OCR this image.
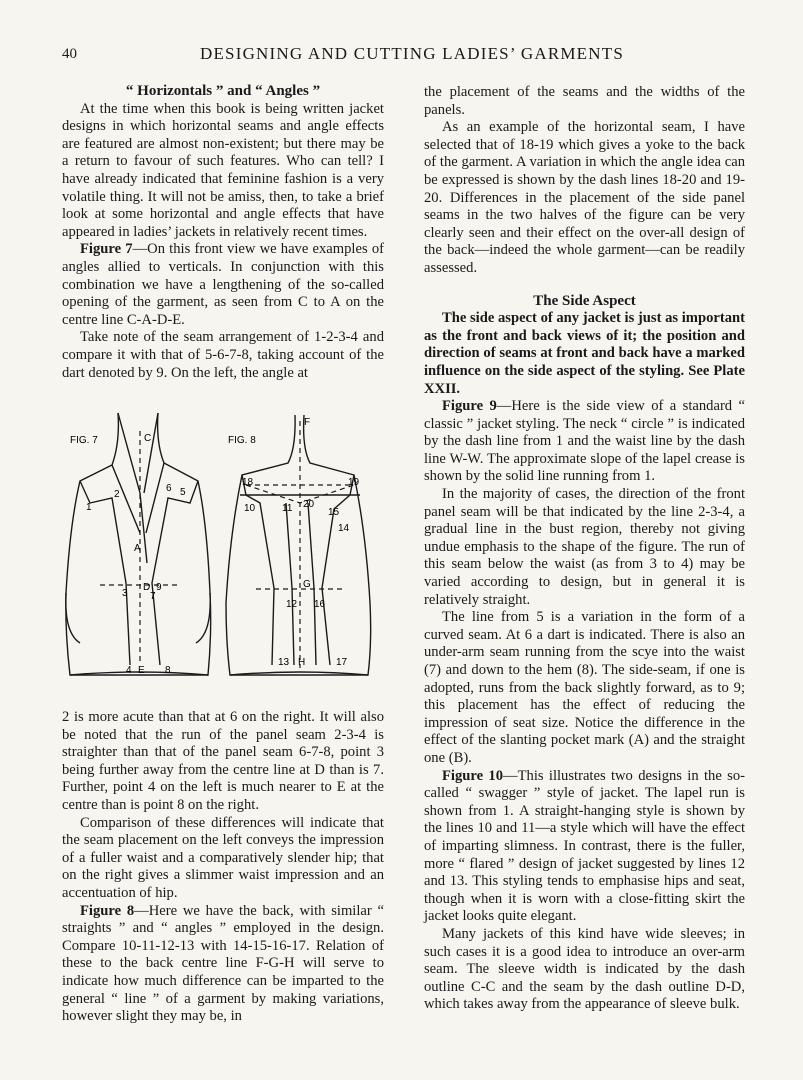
40	DESIGNING AND CUTTING LADIES’ GARMENTS
“ Horizontals ” and “ Angles ”

At the time when this book is being written jacket designs in which horizontal seams and angle effects are featured are almost non-existent; but there may be a return to favour of such features. Who can tell? I have already indicated that feminine fashion is a very volatile thing. It will not be amiss, then, to take a brief look at some horizontal and angle effects that have appeared in ladies’ jackets in relatively recent times.

Figure 7—On this front view we have examples of angles allied to verticals. In conjunction with this combination we have a lengthening of the so-called opening of the garment, as seen from C to A on the centre line C-A-D-E.

Take note of the seam arrangement of 1-2-3-4 and compare it with that of 5-6-7-8, taking account of the dart denoted by 9. On the left, the angle at

FIG. 7	C
A
D
E
1
2
3
4
5
6
7
8
9
FIG. 8
F
G
H
18	19
20
10	11
12
13
14
15
16
17

2 is more acute than that at 6 on the right. It will also be noted that the run of the panel seam 2-3-4 is straighter than that of the panel seam 6-7-8, point 3 being further away from the centre line at D than is 7. Further, point 4 on the left is much nearer to E at the centre than is point 8 on the right.

Comparison of these differences will indicate that the seam placement on the left conveys the impression of a fuller waist and a comparatively slender hip; that on the right gives a slimmer waist impression and an accentuation of hip.

Figure 8—Here we have the back, with similar “ straights ” and “ angles ” employed in the design. Compare 10-11-12-13 with 14-15-16-17. Relation of these to the back centre line F-G-H will serve to indicate how much difference can be imparted to the general “ line ” of a garment by making variations, however slight they may be, in

the placement of the seams and the widths of the panels.

As an example of the horizontal seam, I have selected that of 18-19 which gives a yoke to the back of the garment. A variation in which the angle idea can be expressed is shown by the dash lines 18-20 and 19-20. Differences in the placement of the side panel seams in the two halves of the figure can be very clearly seen and their effect on the over-all design of the back—indeed the whole garment—can be readily assessed.

The Side Aspect

The side aspect of any jacket is just as important as the front and back views of it; the position and direction of seams at front and back have a marked influence on the side aspect of the styling. See Plate XXII.

Figure 9—Here is the side view of a standard “ classic ” jacket styling. The neck “ circle ” is indicated by the dash line from 1 and the waist line by the dash line W-W. The approximate slope of the lapel crease is shown by the solid line running from 1.

In the majority of cases, the direction of the front panel seam will be that indicated by the line 2-3-4, a gradual line in the bust region, thereby not giving undue emphasis to the shape of the figure. The run of this seam below the waist (as from 3 to 4) may be varied according to design, but in general it is relatively straight.

The line from 5 is a variation in the form of a curved seam. At 6 a dart is indicated. There is also an under-arm seam running from the scye into the waist (7) and down to the hem (8). The side-seam, if one is adopted, runs from the back slightly forward, as to 9; this placement has the effect of reducing the impression of seat size. Notice the difference in the effect of the slanting pocket mark (A) and the straight one (B).

Figure 10—This illustrates two designs in the so-called “ swagger ” style of jacket. The lapel run is shown from 1. A straight-hanging style is shown by the lines 10 and 11—a style which will have the effect of imparting slimness. In contrast, there is the fuller, more “ flared ” design of jacket suggested by lines 12 and 13. This styling tends to emphasise hips and seat, though when it is worn with a close-fitting skirt the jacket looks quite elegant.

Many jackets of this kind have wide sleeves; in such cases it is a good idea to introduce an over-arm seam. The sleeve width is indicated by the dash outline C-C and the seam by the dash outline D-D, which takes away from the appearance of sleeve bulk.
